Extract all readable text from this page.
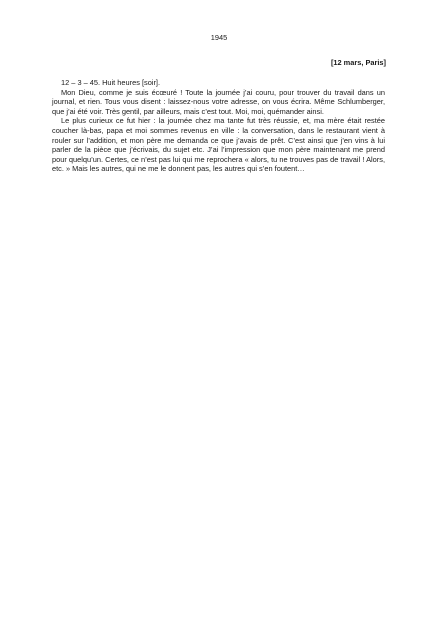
1945
[12 mars, Paris]

12 – 3 – 45. Huit heures [soir].

Mon Dieu, comme je suis écœuré ! Toute la journée j’ai couru, pour trouver du travail dans un journal, et rien. Tous vous disent : laissez-nous votre adresse, on vous écrira. Même Schlumberger, que j’ai été voir. Très gentil, par ailleurs, mais c’est tout. Moi, moi, quémander ainsi.

Le plus curieux ce fut hier : la journée chez ma tante fut très réussie, et, ma mère était restée coucher là-bas, papa et moi sommes revenus en ville : la conversation, dans le restaurant vient à rouler sur l’addition, et mon père me demanda ce que j’avais de prêt. C’est ainsi que j’en vins à lui parler de la pièce que j’écrivais, du sujet etc. J’ai l’impression que mon père maintenant me prend pour quelqu’un. Certes, ce n’est pas lui qui me reprochera « alors, tu ne trouves pas de travail ! Alors, etc. » Mais les autres, qui ne me le donnent pas, les autres qui s’en foutent…
